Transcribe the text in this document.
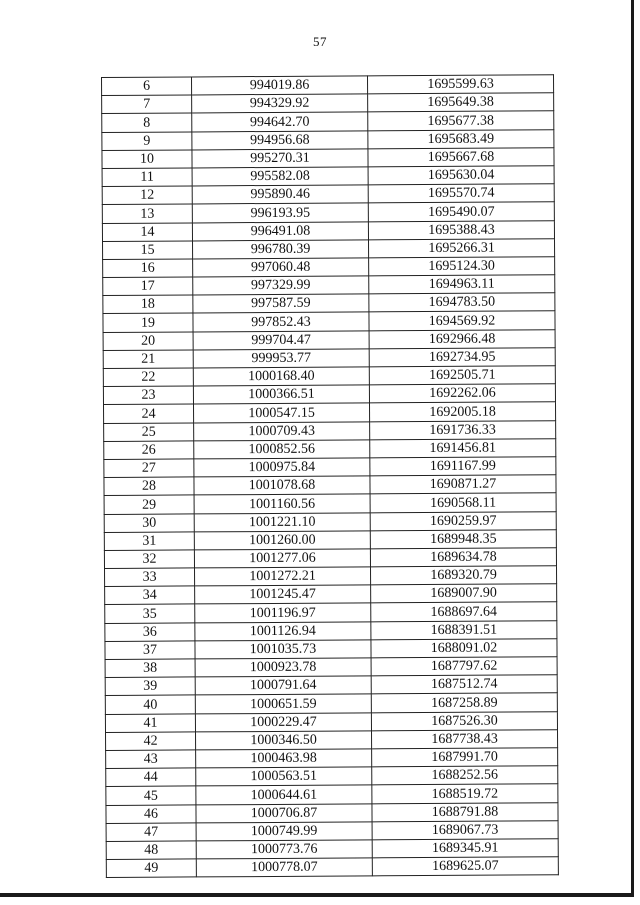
57
6	994019.86	1695599.63
7	994329.92	1695649.38
8	994642.70	1695677.38
9	994956.68	1695683.49
10	995270.31	1695667.68
11	995582.08	1695630.04
12	995890.46	1695570.74
13	996193.95	1695490.07
14	996491.08	1695388.43
15	996780.39	1695266.31
16	997060.48	1695124.30
17	997329.99	1694963.11
18	997587.59	1694783.50
19	997852.43	1694569.92
20	999704.47	1692966.48
21	999953.77	1692734.95
22	1000168.40	1692505.71
23	1000366.51	1692262.06
24	1000547.15	1692005.18
25	1000709.43	1691736.33
26	1000852.56	1691456.81
27	1000975.84	1691167.99
28	1001078.68	1690871.27
29	1001160.56	1690568.11
30	1001221.10	1690259.97
31	1001260.00	1689948.35
32	1001277.06	1689634.78
33	1001272.21	1689320.79
34	1001245.47	1689007.90
35	1001196.97	1688697.64
36	1001126.94	1688391.51
37	1001035.73	1688091.02
38	1000923.78	1687797.62
39	1000791.64	1687512.74
40	1000651.59	1687258.89
41	1000229.47	1687526.30
42	1000346.50	1687738.43
43	1000463.98	1687991.70
44	1000563.51	1688252.56
45	1000644.61	1688519.72
46	1000706.87	1688791.88
47	1000749.99	1689067.73
48	1000773.76	1689345.91
49	1000778.07	1689625.07
